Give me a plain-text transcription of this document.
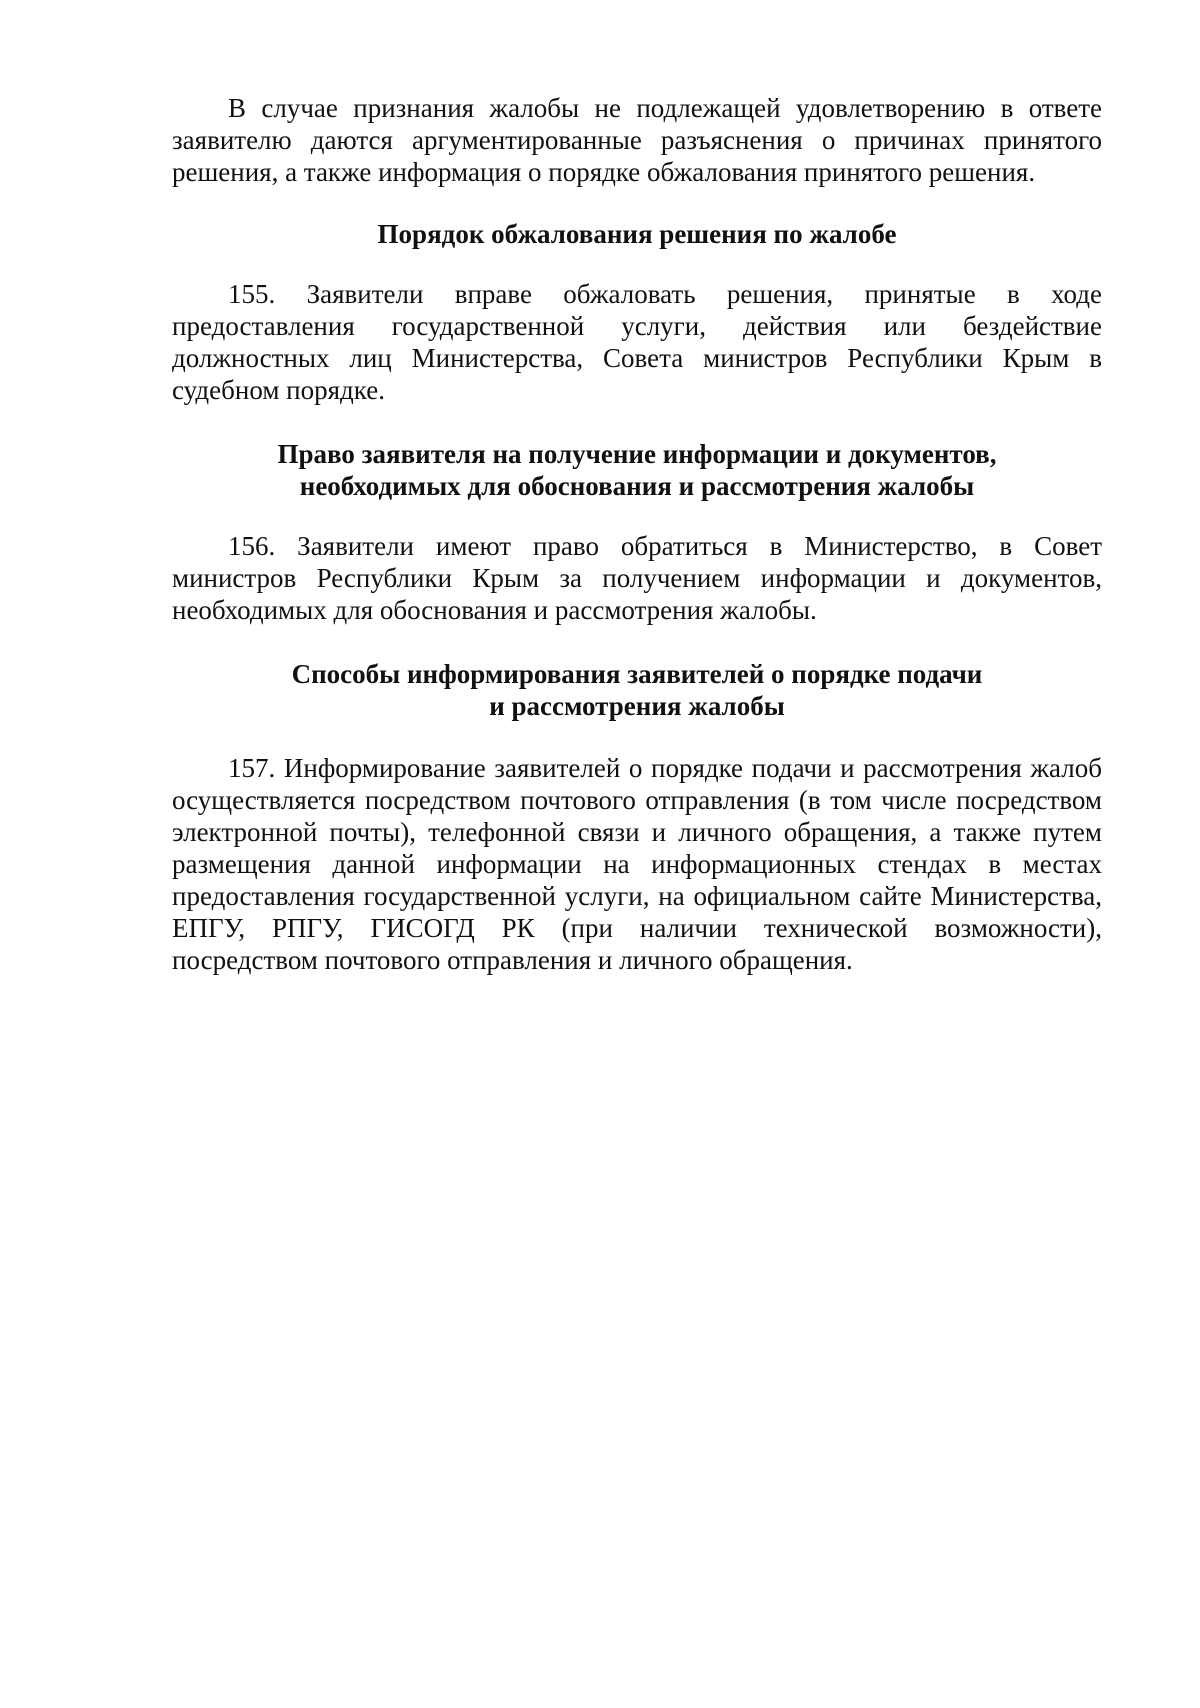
В случае признания жалобы не подлежащей удовлетворению в ответе заявителю даются аргументированные разъяснения о причинах принятого решения, а также информация о порядке обжалования принятого решения.

Порядок обжалования решения по жалобе

155. Заявители вправе обжаловать решения, принятые в ходе предоставления государственной услуги, действия или бездействие должностных лиц Министерства, Совета министров Республики Крым в судебном порядке.

Право заявителя на получение информации и документов,
необходимых для обоснования и рассмотрения жалобы

156. Заявители имеют право обратиться в Министерство, в Совет министров Республики Крым за получением информации и документов, необходимых для обоснования и рассмотрения жалобы.

Способы информирования заявителей о порядке подачи
и рассмотрения жалобы

157. Информирование заявителей о порядке подачи и рассмотрения жалоб осуществляется посредством почтового отправления (в том числе посредством электронной почты), телефонной связи и личного обращения, а также путем размещения данной информации на информационных стендах в местах предоставления государственной услуги, на официальном сайте Министерства, ЕПГУ, РПГУ, ГИСОГД РК (при наличии технической возможности), посредством почтового отправления и личного обращения.
